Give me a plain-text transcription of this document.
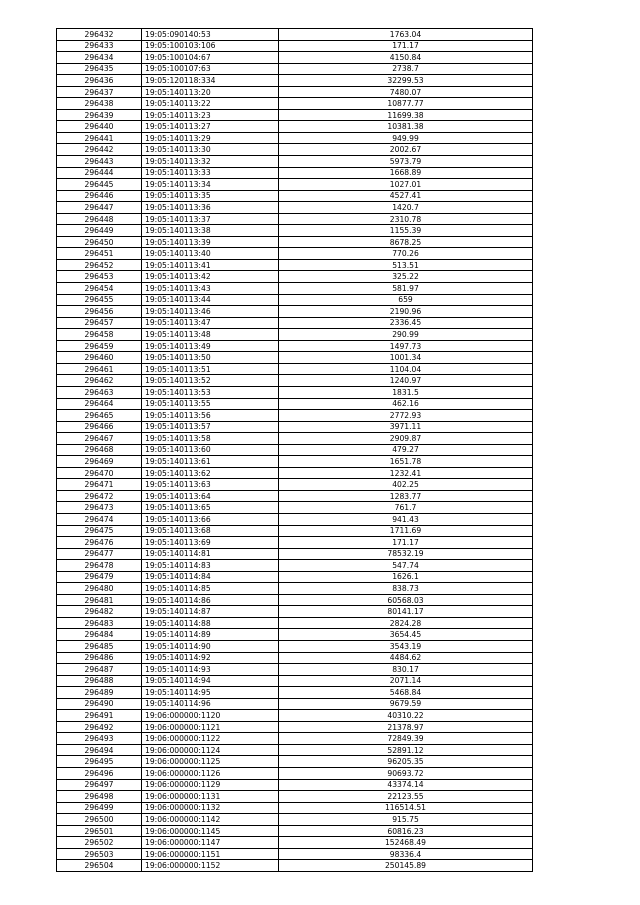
296432	19:05:090140:53	1763.04
296433	19:05:100103:106	171.17
296434	19:05:100104:67	4150.84
296435	19:05:100107:63	2738.7
296436	19:05:120118:334	32299.53
296437	19:05:140113:20	7480.07
296438	19:05:140113:22	10877.77
296439	19:05:140113:23	11699.38
296440	19:05:140113:27	10381.38
296441	19:05:140113:29	949.99
296442	19:05:140113:30	2002.67
296443	19:05:140113:32	5973.79
296444	19:05:140113:33	1668.89
296445	19:05:140113:34	1027.01
296446	19:05:140113:35	4527.41
296447	19:05:140113:36	1420.7
296448	19:05:140113:37	2310.78
296449	19:05:140113:38	1155.39
296450	19:05:140113:39	8678.25
296451	19:05:140113:40	770.26
296452	19:05:140113:41	513.51
296453	19:05:140113:42	325.22
296454	19:05:140113:43	581.97
296455	19:05:140113:44	659
296456	19:05:140113:46	2190.96
296457	19:05:140113:47	2336.45
296458	19:05:140113:48	290.99
296459	19:05:140113:49	1497.73
296460	19:05:140113:50	1001.34
296461	19:05:140113:51	1104.04
296462	19:05:140113:52	1240.97
296463	19:05:140113:53	1831.5
296464	19:05:140113:55	462.16
296465	19:05:140113:56	2772.93
296466	19:05:140113:57	3971.11
296467	19:05:140113:58	2909.87
296468	19:05:140113:60	479.27
296469	19:05:140113:61	1651.78
296470	19:05:140113:62	1232.41
296471	19:05:140113:63	402.25
296472	19:05:140113:64	1283.77
296473	19:05:140113:65	761.7
296474	19:05:140113:66	941.43
296475	19:05:140113:68	1711.69
296476	19:05:140113:69	171.17
296477	19:05:140114:81	78532.19
296478	19:05:140114:83	547.74
296479	19:05:140114:84	1626.1
296480	19:05:140114:85	838.73
296481	19:05:140114:86	60568.03
296482	19:05:140114:87	80141.17
296483	19:05:140114:88	2824.28
296484	19:05:140114:89	3654.45
296485	19:05:140114:90	3543.19
296486	19:05:140114:92	4484.62
296487	19:05:140114:93	830.17
296488	19:05:140114:94	2071.14
296489	19:05:140114:95	5468.84
296490	19:05:140114:96	9679.59
296491	19:06:000000:1120	40310.22
296492	19:06:000000:1121	21378.97
296493	19:06:000000:1122	72849.39
296494	19:06:000000:1124	52891.12
296495	19:06:000000:1125	96205.35
296496	19:06:000000:1126	90693.72
296497	19:06:000000:1129	43374.14
296498	19:06:000000:1131	22123.55
296499	19:06:000000:1132	116514.51
296500	19:06:000000:1142	915.75
296501	19:06:000000:1145	60816.23
296502	19:06:000000:1147	152468.49
296503	19:06:000000:1151	98336.4
296504	19:06:000000:1152	250145.89
